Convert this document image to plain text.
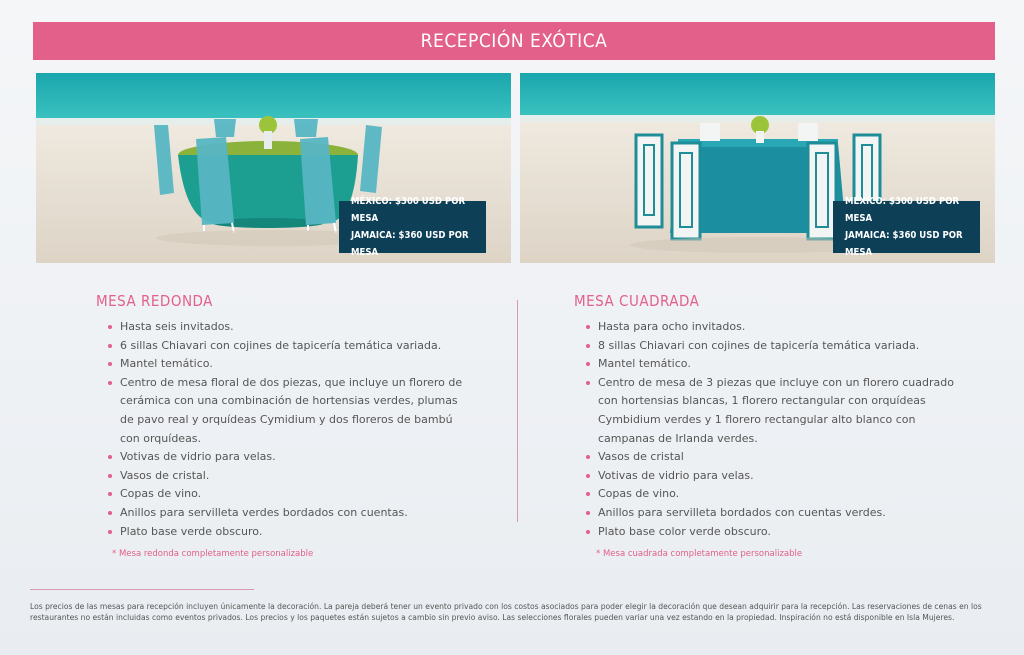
RECEPCIÓN EXÓTICA
MÉXICO: $300 USD POR MESA
JAMAICA: $360 USD POR MESA
MÉXICO: $300 USD POR MESA
JAMAICA: $360 USD POR MESA
MESA REDONDA
Hasta seis invitados.
6 sillas Chiavari con cojines de tapicería temática variada.
Mantel temático.
Centro de mesa floral de dos piezas, que incluye un florero de cerámica con una combinación de hortensias verdes, plumas de pavo real y orquídeas Cymidium y dos floreros de bambú con orquídeas.
Votivas de vidrio para velas.
Vasos de cristal.
Copas de vino.
Anillos para servilleta verdes bordados con cuentas.
Plato base verde obscuro.
* Mesa redonda completamente personalizable
MESA CUADRADA
Hasta para ocho invitados.
8 sillas Chiavari con cojines de tapicería temática variada.
Mantel temático.
Centro de mesa de 3 piezas que incluye con un florero cuadrado con hortensias blancas, 1 florero rectangular con orquídeas Cymbidium verdes y 1 florero rectangular alto blanco con campanas de Irlanda verdes.
Vasos de cristal
Votivas de vidrio para velas.
Copas de vino.
Anillos para servilleta bordados con cuentas verdes.
Plato base color verde obscuro.
* Mesa cuadrada completamente personalizable
Los precios de las mesas para recepción incluyen únicamente la decoración. La pareja deberá tener un evento privado con los costos asociados para poder elegir la decoración que desean adquirir para la recepción. Las reservaciones de cenas en los restaurantes no están incluidas como eventos privados. Los precios y los paquetes están sujetos a cambio sin previo aviso. Las selecciones florales pueden variar una vez estando en la propiedad. Inspiración no está disponible en Isla Mujeres.
